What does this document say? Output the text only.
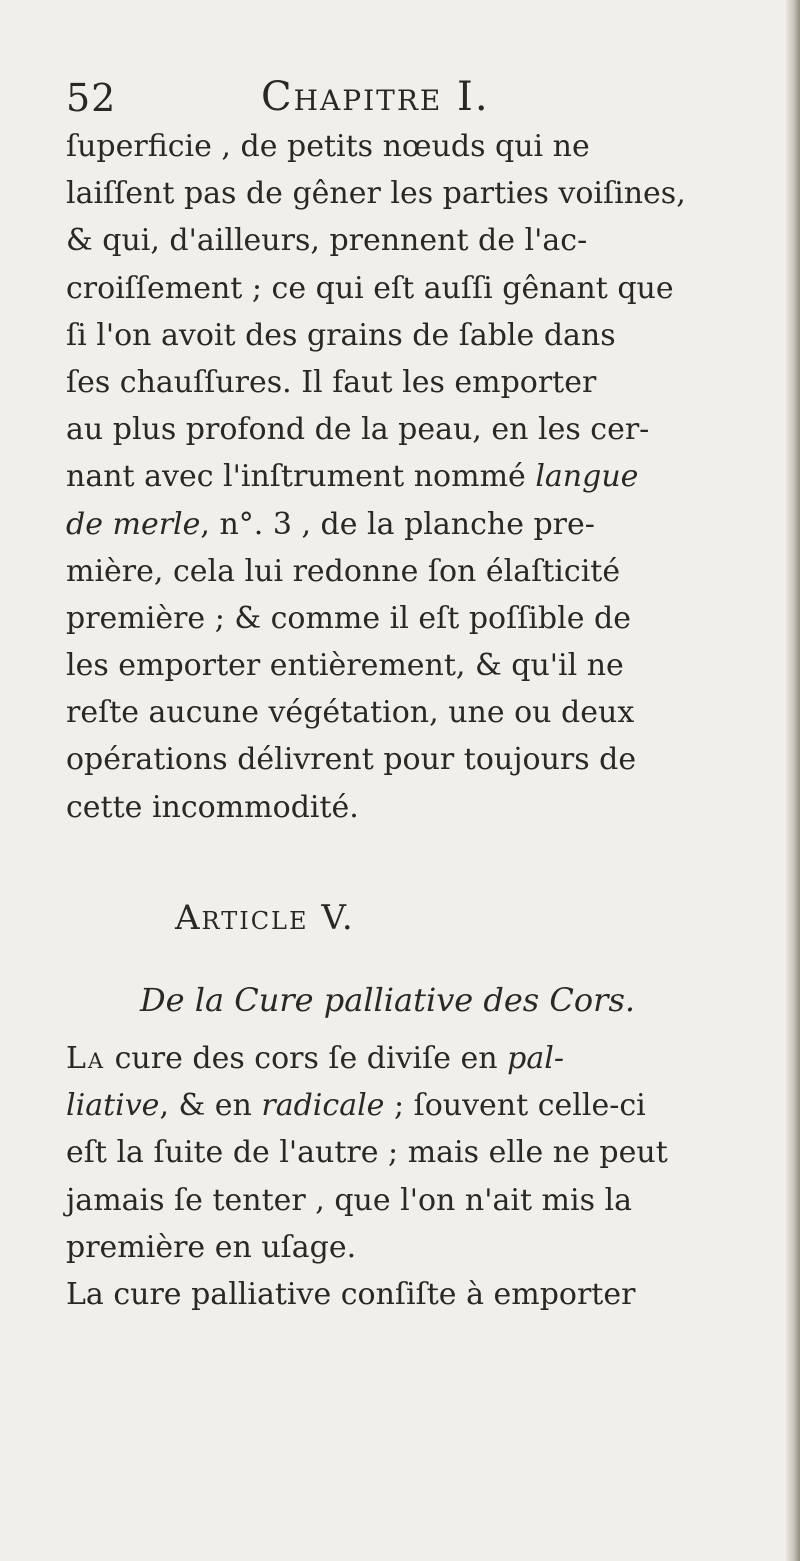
52	Chapitre I.
ſuperficie , de petits nœuds qui ne
laiſſent pas de gêner les parties voiſines,
& qui, d'ailleurs, prennent de l'ac-
croiſſement ; ce qui eſt auſſi gênant que
ſi l'on avoit des grains de ſable dans
ſes chauſſures. Il faut les emporter
au plus profond de la peau, en les cer-
nant avec l'inſtrument nommé langue
de merle, n°. 3 , de la planche pre-
mière, cela lui redonne ſon élaſticité
première ; & comme il eſt poſſible de
les emporter entièrement, & qu'il ne
reſte aucune végétation, une ou deux
opérations délivrent pour toujours de
cette incommodité.
Article V.
De la Cure palliative des Cors.
La cure des cors ſe diviſe en pal-
liative, & en radicale ; ſouvent celle-ci
eſt la ſuite de l'autre ; mais elle ne peut
jamais ſe tenter , que l'on n'ait mis la
première en uſage.
La cure palliative conſiſte à emporter
